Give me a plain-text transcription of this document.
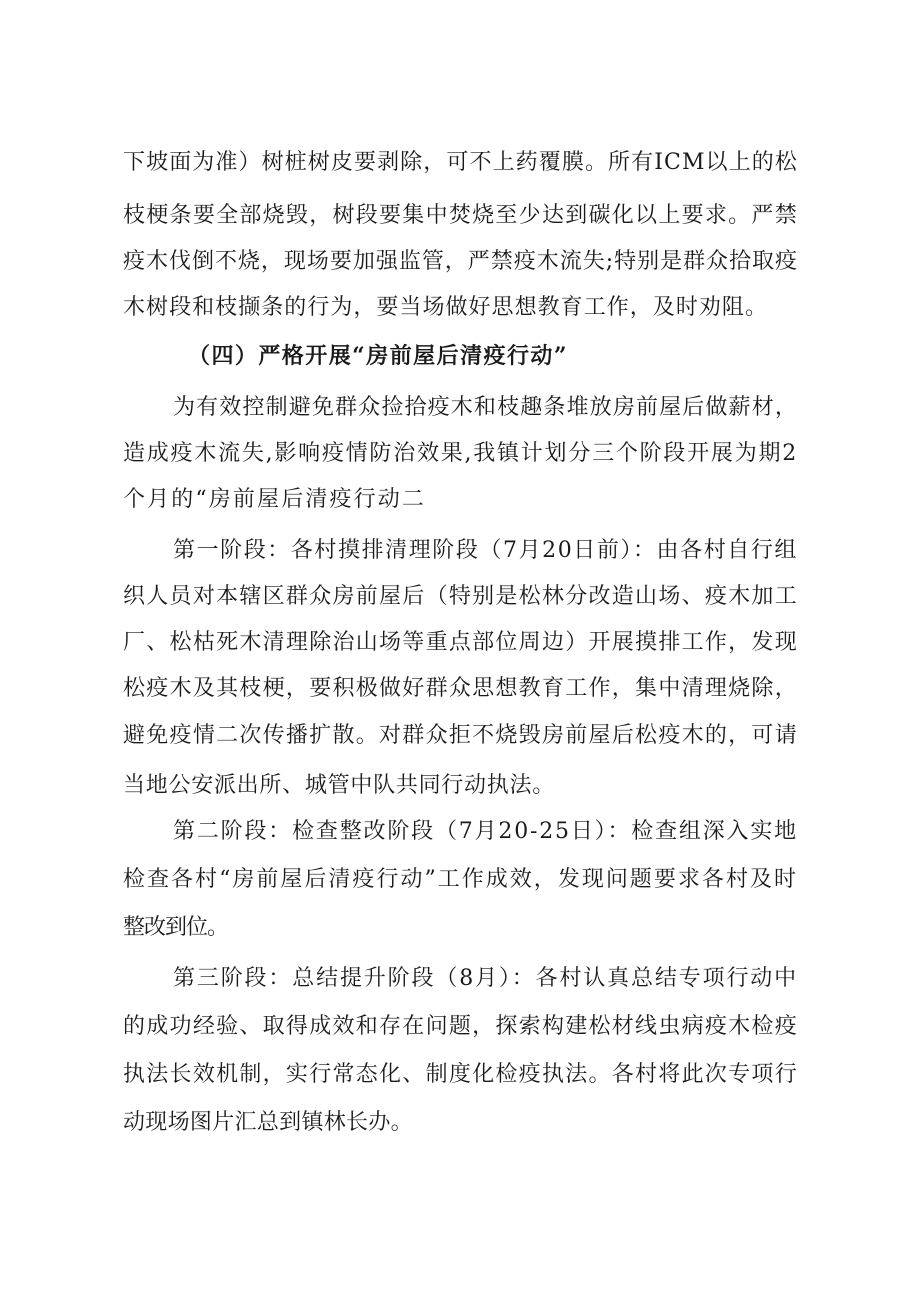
下坡面为准）树桩树皮要剥除，可不上药覆膜。所有ICM以上的松
枝梗条要全部烧毁，树段要集中焚烧至少达到碳化以上要求。严禁
疫木伐倒不烧，现场要加强监管，严禁疫木流失;特别是群众拾取疫
木树段和枝撷条的行为，要当场做好思想教育工作，及时劝阻。
（四）严格开展“房前屋后清疫行动”
为有效控制避免群众捡拾疫木和枝趣条堆放房前屋后做薪材，
造成疫木流失,影响疫情防治效果,我镇计划分三个阶段开展为期2
个月的“房前屋后清疫行动二
第一阶段：各村摸排清理阶段（7月20日前）：由各村自行组
织人员对本辖区群众房前屋后（特别是松林分改造山场、疫木加工
厂、松枯死木清理除治山场等重点部位周边）开展摸排工作，发现
松疫木及其枝梗，要积极做好群众思想教育工作，集中清理烧除，
避免疫情二次传播扩散。对群众拒不烧毁房前屋后松疫木的，可请
当地公安派出所、城管中队共同行动执法。
第二阶段：检查整改阶段（7月20-25日）：检查组深入实地
检查各村“房前屋后清疫行动”工作成效，发现问题要求各村及时
整改到位。
第三阶段：总结提升阶段（8月）：各村认真总结专项行动中
的成功经验、取得成效和存在问题，探索构建松材线虫病疫木检疫
执法长效机制，实行常态化、制度化检疫执法。各村将此次专项行
动现场图片汇总到镇林长办。
